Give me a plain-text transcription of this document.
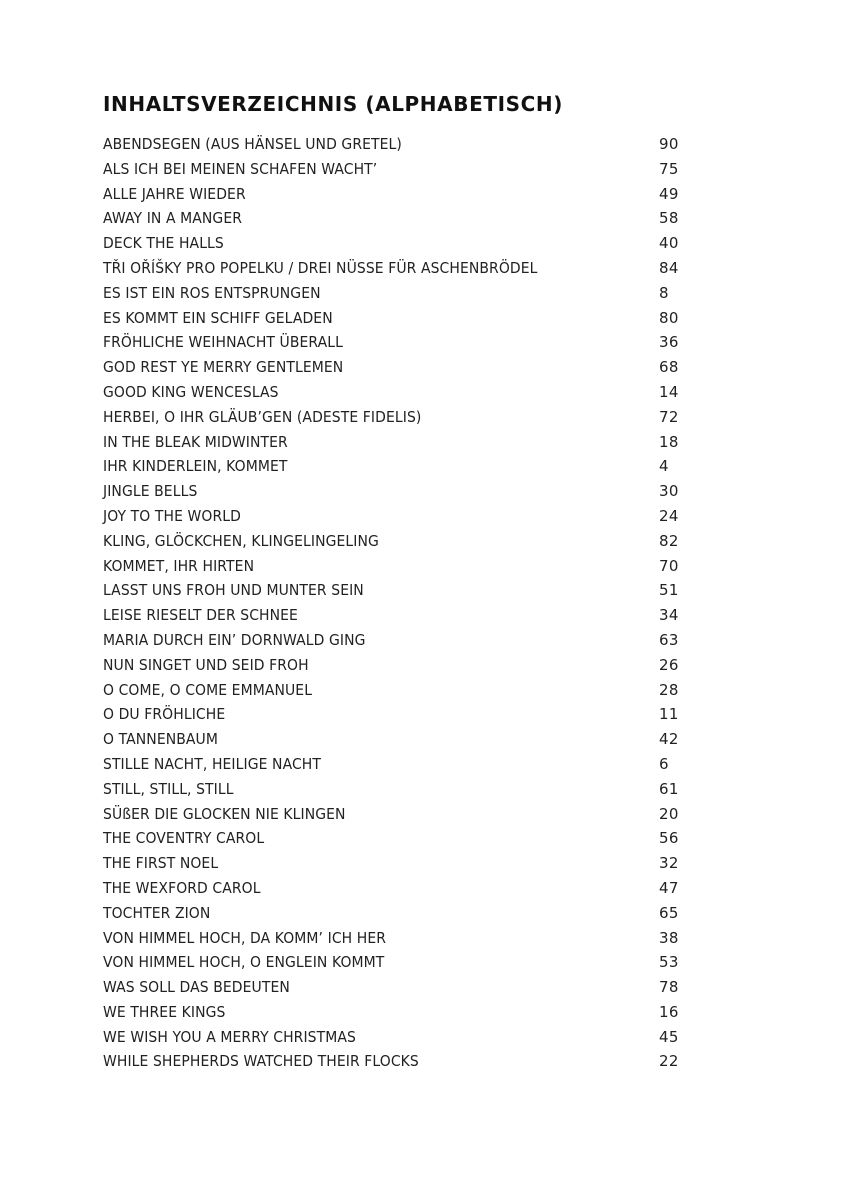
INHALTSVERZEICHNIS (ALPHABETISCH)
ABENDSEGEN (AUS HÄNSEL UND GRETEL)	90
ALS ICH BEI MEINEN SCHAFEN WACHT’	75
ALLE JAHRE WIEDER	49
AWAY IN A MANGER	58
DECK THE HALLS	40
TŘI OŘÍŠKY PRO POPELKU / DREI NÜSSE FÜR ASCHENBRÖDEL	84
ES IST EIN ROS ENTSPRUNGEN	8
ES KOMMT EIN SCHIFF GELADEN	80
FRÖHLICHE WEIHNACHT ÜBERALL	36
GOD REST YE MERRY GENTLEMEN	68
GOOD KING WENCESLAS	14
HERBEI, O IHR GLÄUB’GEN (ADESTE FIDELIS)	72
IN THE BLEAK MIDWINTER	18
IHR KINDERLEIN, KOMMET	4
JINGLE BELLS	30
JOY TO THE WORLD	24
KLING, GLÖCKCHEN, KLINGELINGELING	82
KOMMET, IHR HIRTEN	70
LASST UNS FROH UND MUNTER SEIN	51
LEISE RIESELT DER SCHNEE	34
MARIA DURCH EIN’ DORNWALD GING	63
NUN SINGET UND SEID FROH	26
O COME, O COME EMMANUEL	28
O DU FRÖHLICHE	11
O TANNENBAUM	42
STILLE NACHT, HEILIGE NACHT	6
STILL, STILL, STILL	61
SÜßER DIE GLOCKEN NIE KLINGEN	20
THE COVENTRY CAROL	56
THE FIRST NOEL	32
THE WEXFORD CAROL	47
TOCHTER ZION	65
VON HIMMEL HOCH, DA KOMM’ ICH HER	38
VON HIMMEL HOCH, O ENGLEIN KOMMT	53
WAS SOLL DAS BEDEUTEN	78
WE THREE KINGS	16
WE WISH YOU A MERRY CHRISTMAS	45
WHILE SHEPHERDS WATCHED THEIR FLOCKS	22
